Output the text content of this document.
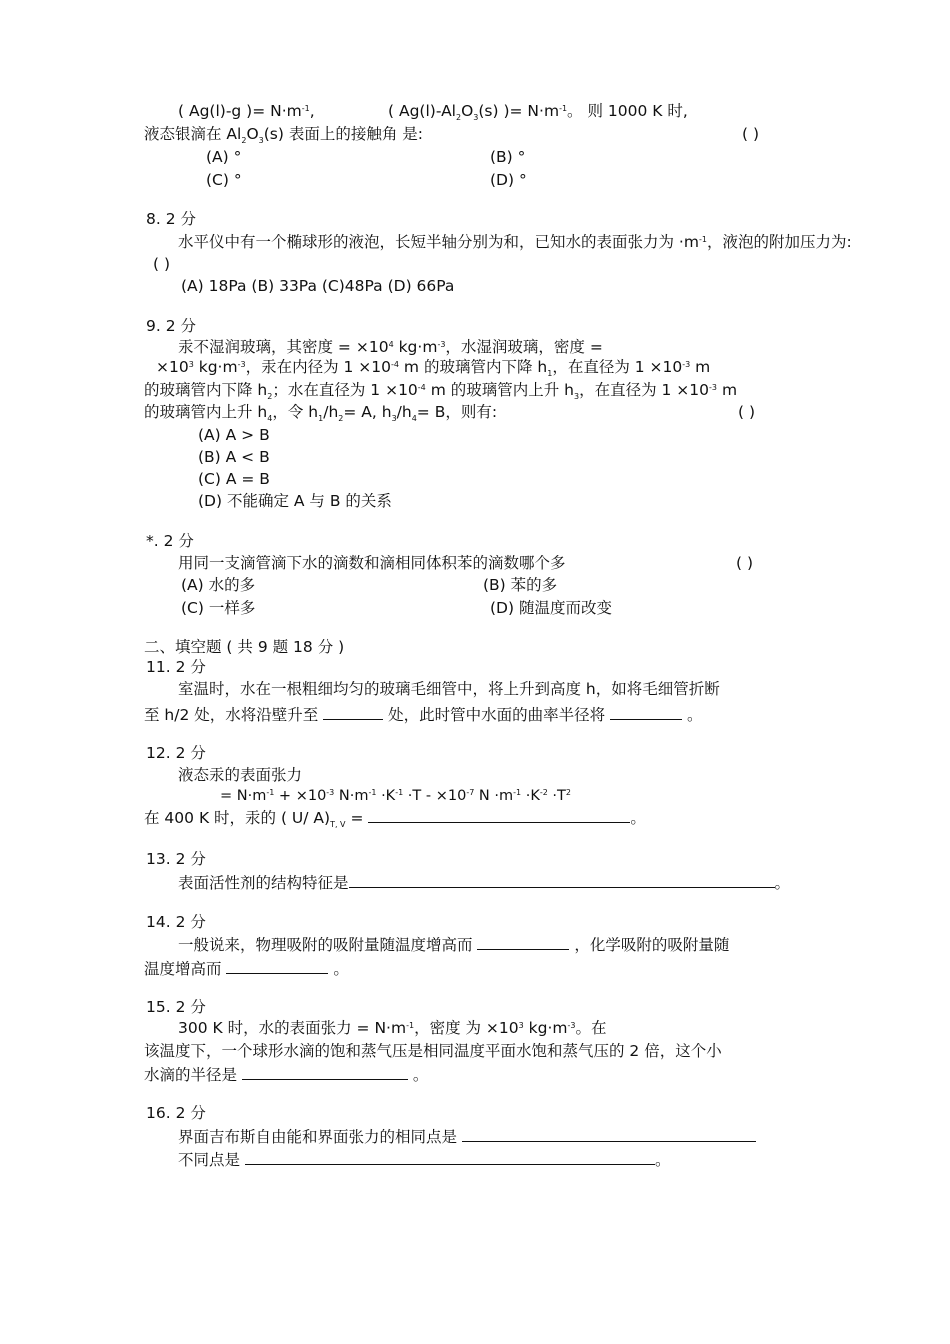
( Ag(l)-g )= $N\cdot m^{-1}$,	( $Ag(l)-Al_2O_3(s)$ )= $N\cdot m^{-1}$。 则 1000 K 时,
液态银滴在 $Al_2O_3(s)$ 表面上的接触角 是:	( )
(A) °	(B) °
(C) °	(D) °
8. 2 分
水平仪中有一个椭球形的液泡，长短半轴分别为和，已知水的表面张力为 $\cdot m^{-1}$，液泡的附加压力为:
( )
(A) 18Pa (B) 33Pa (C)48Pa (D) 66Pa
9. 2 分
汞不湿润玻璃，其密度 = $\times 10^4$ $kg\cdot m^{-3}$，水湿润玻璃，密度 =
$\times 10^3$ $kg\cdot m^{-3}$，汞在内径为 $1 \times 10^{-4}$ m 的玻璃管内下降 $h_1$，在直径为 $1 \times 10^{-3}$ m
的玻璃管内下降 $h_2$；水在直径为 $1 \times 10^{-4}$ m 的玻璃管内上升 $h_3$，在直径为 $1 \times 10^{-3}$ m
的玻璃管内上升 $h_4$，令 $h_1/h_2= A$, $h_3/h_4= B$，则有:	( )
(A) A > B
(B) A < B
(C) A = B
(D) 不能确定 A 与 B 的关系
*. 2 分
用同一支滴管滴下水的滴数和滴相同体积苯的滴数哪个多	( )
(A) 水的多	(B) 苯的多
(C) 一样多	(D) 随温度而改变
二、填空题 ( 共 9 题 18 分 )
11. 2 分
室温时，水在一根粗细均匀的玻璃毛细管中，将上升到高度 h，如将毛细管折断
至 h/2 处，水将沿壁升至	处，此时管中水面的曲率半径将	。
12. 2 分
液态汞的表面张力
= $N\cdot m^{-1} + \times 10^{-3}$ $N\cdot m^{-1} \cdot K^{-1} \cdot T - \times 10^{-7}$ $N \cdot m^{-1} \cdot K^{-2} \cdot T^2$
在 400 K 时，汞的 ( U/ $A)_{T, V}$ =	。
13. 2 分
表面活性剂的结构特征是	。
14. 2 分
一般说来，物理吸附的吸附量随温度增高而	，化学吸附的吸附量随
温度增高而	。
15. 2 分
300 K 时，水的表面张力 = $N\cdot m^{-1}$，密度 为 $\times 10^3$ $kg\cdot m^{-3}$。在
该温度下，一个球形水滴的饱和蒸气压是相同温度平面水饱和蒸气压的 2 倍，这个小
水滴的半径是	。
16. 2 分
界面吉布斯自由能和界面张力的相同点是
不同点是	。
